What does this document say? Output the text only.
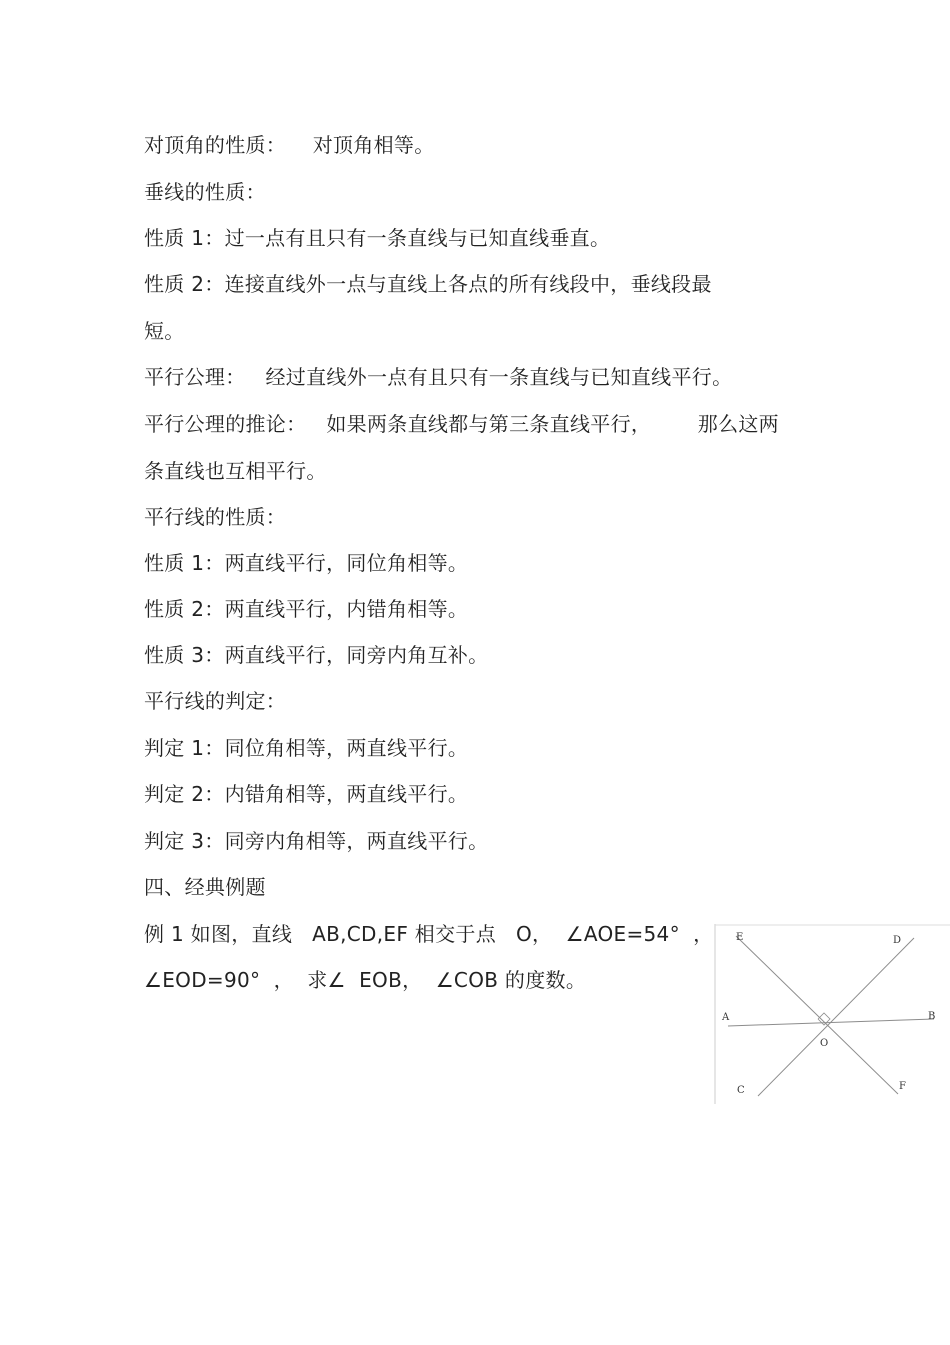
对顶角的性质：    对顶角相等。
垂线的性质：
性质 1：过一点有且只有一条直线与已知直线垂直。
性质 2：连接直线外一点与直线上各点的所有线段中，垂线段最
短。
平行公理：   经过直线外一点有且只有一条直线与已知直线平行。
平行公理的推论：   如果两条直线都与第三条直线平行，       那么这两
条直线也互相平行。
平行线的性质：
性质 1：两直线平行，同位角相等。
性质 2：两直线平行，内错角相等。
性质 3：两直线平行，同旁内角互补。
平行线的判定：
判定 1：同位角相等，两直线平行。
判定 2：内错角相等，两直线平行。
判定 3：同旁内角相等，两直线平行。
四、经典例题
例 1 如图，直线   AB,CD,EF 相交于点   O，  ∠AOE=54°  ，
∠EOD=90°  ，  求∠  EOB，  ∠COB 的度数。
E	D
A	B
O
C	F
